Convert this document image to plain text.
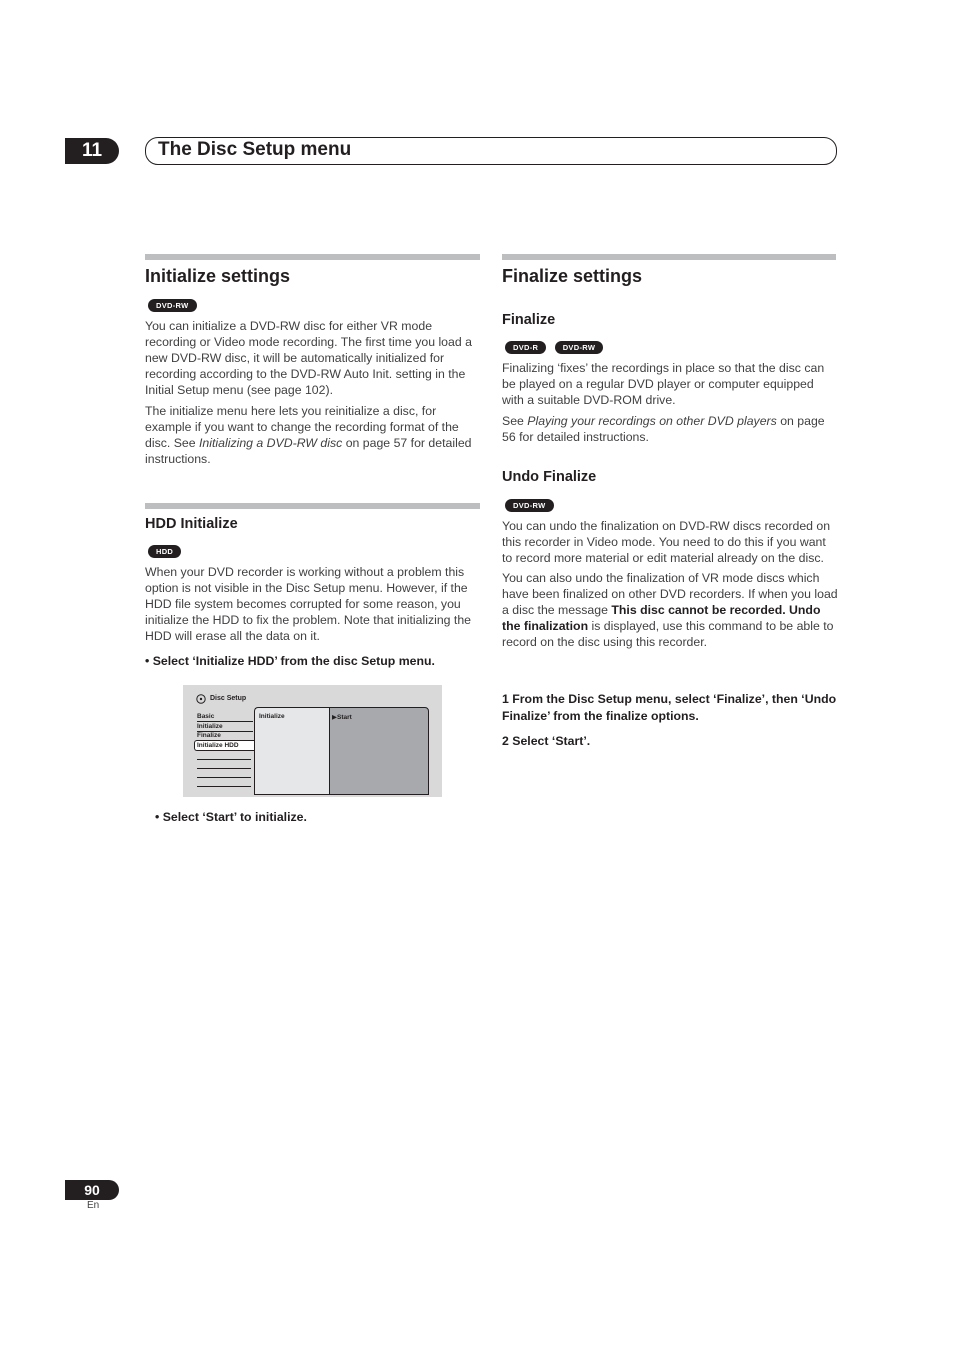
11	The Disc Setup menu
Initialize settings
DVD-RW

You can initialize a DVD-RW disc for either VR mode recording or Video mode recording. The first time you load a new DVD-RW disc, it will be automatically initialized for recording according to the DVD-RW Auto Init. setting in the Initial Setup menu (see page 102).

The initialize menu here lets you reinitialize a disc, for example if you want to change the recording format of the disc. See Initializing a DVD-RW disc on page 57 for detailed instructions.

HDD Initialize
HDD

When your DVD recorder is working without a problem this option is not visible in the Disc Setup menu. However, if the HDD file system becomes corrupted for some reason, you initialize the HDD to fix the problem. Note that initializing the HDD will erase all the data on it.

• Select ‘Initialize HDD’ from the disc Setup menu.

Disc Setup
Basic
Initialize
Finalize
Initialize HDD
Initialize	▶Start

• Select ‘Start’ to initialize.

Finalize settings
Finalize
DVD-R	DVD-RW

Finalizing ‘fixes’ the recordings in place so that the disc can be played on a regular DVD player or computer equipped with a suitable DVD-ROM drive.

See Playing your recordings on other DVD players on page 56 for detailed instructions.

Undo Finalize
DVD-RW

You can undo the finalization on DVD-RW discs recorded on this recorder in Video mode. You need to do this if you want to record more material or edit material already on the disc.

You can also undo the finalization of VR mode discs which have been finalized on other DVD recorders. If when you load a disc the message This disc cannot be recorded. Undo the finalization is displayed, use this command to be able to record on the disc using this recorder.

1 From the Disc Setup menu, select ‘Finalize’, then ‘Undo Finalize’ from the finalize options.

2 Select ‘Start’.

90
En
